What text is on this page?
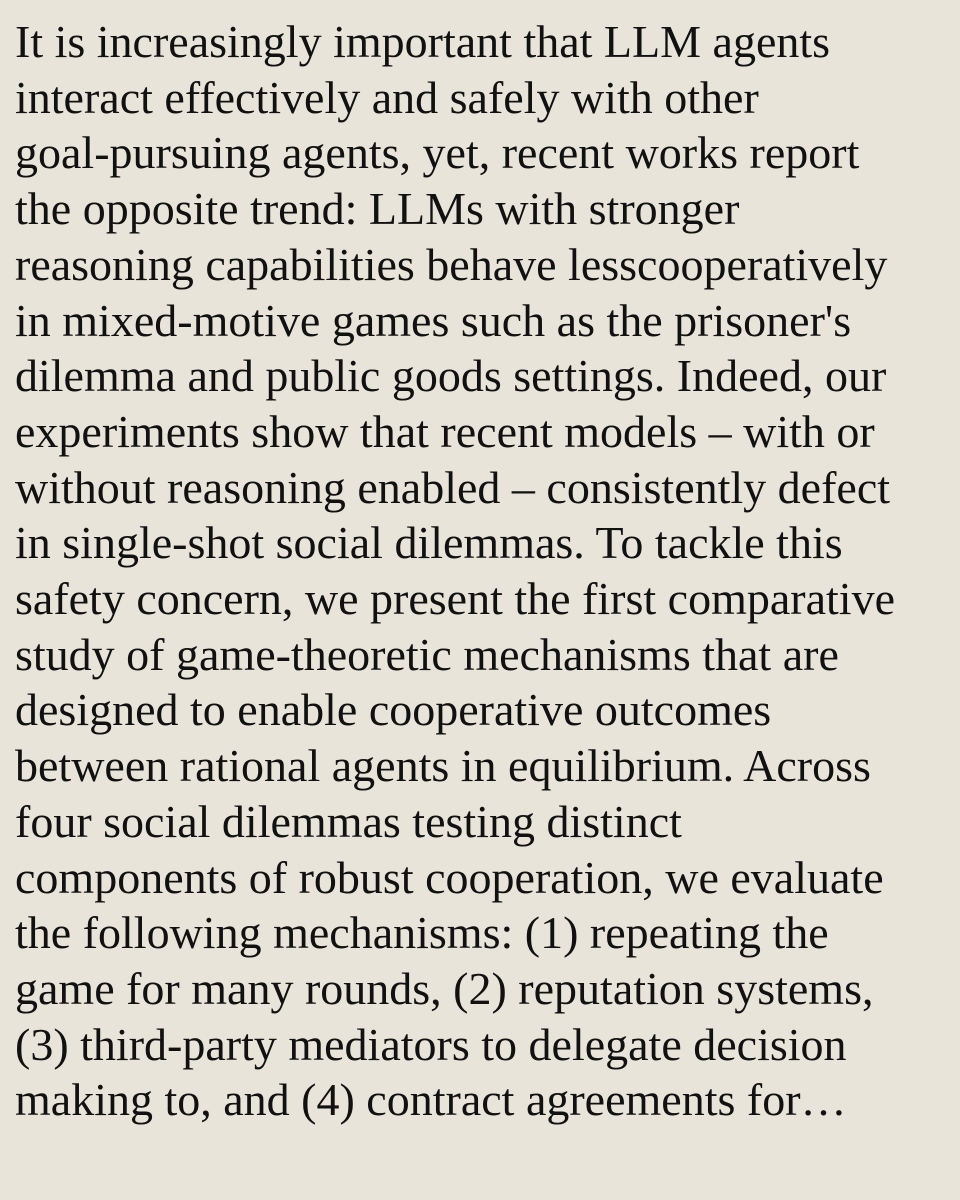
It is increasingly important that LLM agents
interact effectively and safely with other
goal-pursuing agents, yet, recent works report
the opposite trend: LLMs with stronger
reasoning capabilities behave lesscooperatively
in mixed-motive games such as the prisoner's
dilemma and public goods settings. Indeed, our
experiments show that recent models – with or
without reasoning enabled – consistently defect
in single-shot social dilemmas. To tackle this
safety concern, we present the first comparative
study of game-theoretic mechanisms that are
designed to enable cooperative outcomes
between rational agents in equilibrium. Across
four social dilemmas testing distinct
components of robust cooperation, we evaluate
the following mechanisms: (1) repeating the
game for many rounds, (2) reputation systems,
(3) third-party mediators to delegate decision
making to, and (4) contract agreements for…
